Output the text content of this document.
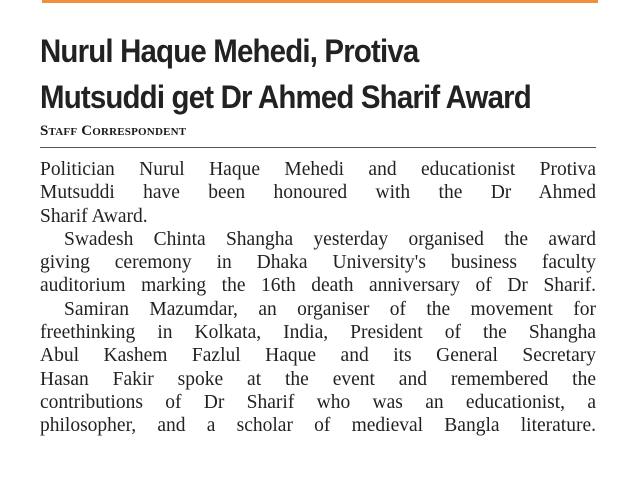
Nurul Haque Mehedi, Protiva
Mutsuddi get Dr Ahmed Sharif Award
Staff Correspondent

Politician Nurul Haque Mehedi and educationist Protiva
Mutsuddi have been honoured with the Dr Ahmed
Sharif Award.

Swadesh Chinta Shangha yesterday organised the award
giving ceremony in Dhaka University's business faculty
auditorium marking the 16th death anniversary of Dr Sharif.

Samiran Mazumdar, an organiser of the movement for
freethinking in Kolkata, India, President of the Shangha
Abul Kashem Fazlul Haque and its General Secretary
Hasan Fakir spoke at the event and remembered the
contributions of Dr Sharif who was an educationist, a
philosopher, and a scholar of medieval Bangla literature.
